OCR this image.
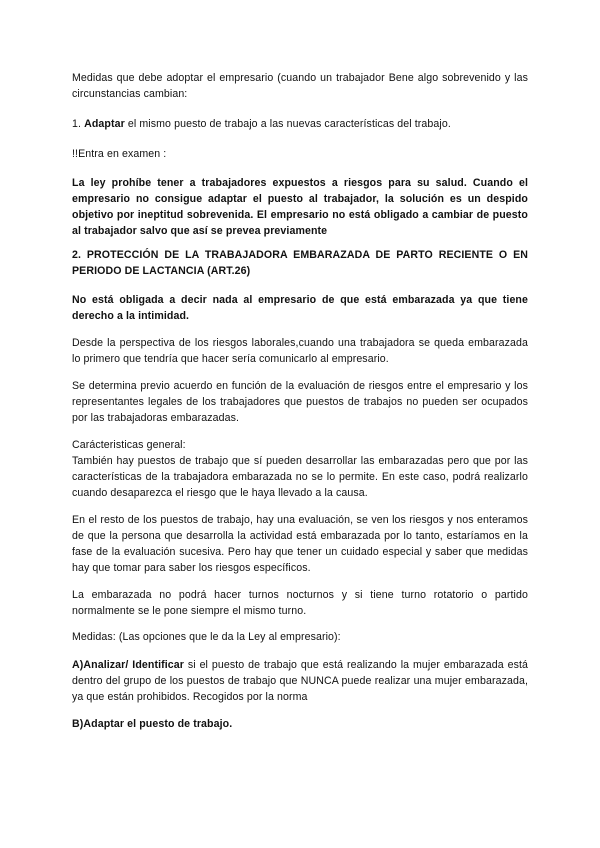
Medidas que debe adoptar el empresario (cuando un trabajador Bene algo sobrevenido y las circunstancias cambian:

1. Adaptar el mismo puesto de trabajo a las nuevas características del trabajo.

!!Entra en examen :

La ley prohíbe tener a trabajadores expuestos a riesgos para su salud. Cuando el empresario no consigue adaptar el puesto al trabajador, la solución es un despido objetivo por ineptitud sobrevenida. El empresario no está obligado a cambiar de puesto al trabajador salvo que así se prevea previamente

2. PROTECCIÓN DE LA TRABAJADORA EMBARAZADA DE PARTO RECIENTE O EN PERIODO DE LACTANCIA (ART.26)

No está obligada a decir nada al empresario de que está embarazada ya que tiene derecho a la intimidad.

Desde la perspectiva de los riesgos laborales,cuando una trabajadora se queda embarazada lo primero que tendría que hacer sería comunicarlo al empresario.

Se determina previo acuerdo en función de la evaluación de riesgos entre el empresario y los representantes legales de los trabajadores que puestos de trabajos no pueden ser ocupados por las trabajadoras embarazadas.

Carácteristicas general:

También hay puestos de trabajo que sí pueden desarrollar las embarazadas pero que por las características de la trabajadora embarazada no se lo permite. En este caso, podrá realizarlo cuando desaparezca el riesgo que le haya llevado a la causa.

En el resto de los puestos de trabajo, hay una evaluación, se ven los riesgos y nos enteramos de que la persona que desarrolla la actividad está embarazada por lo tanto, estaríamos en la fase de la evaluación sucesiva. Pero hay que tener un cuidado especial y saber que medidas hay que tomar para saber los riesgos específicos.

La embarazada no podrá hacer turnos nocturnos y si tiene turno rotatorio o partido normalmente se le pone siempre el mismo turno.

Medidas: (Las opciones que le da la Ley al empresario):

A)Analizar/ Identificar si el puesto de trabajo que está realizando la mujer embarazada está dentro del grupo de los puestos de trabajo que NUNCA puede realizar una mujer embarazada, ya que están prohibidos. Recogidos por la norma

B)Adaptar el puesto de trabajo.
